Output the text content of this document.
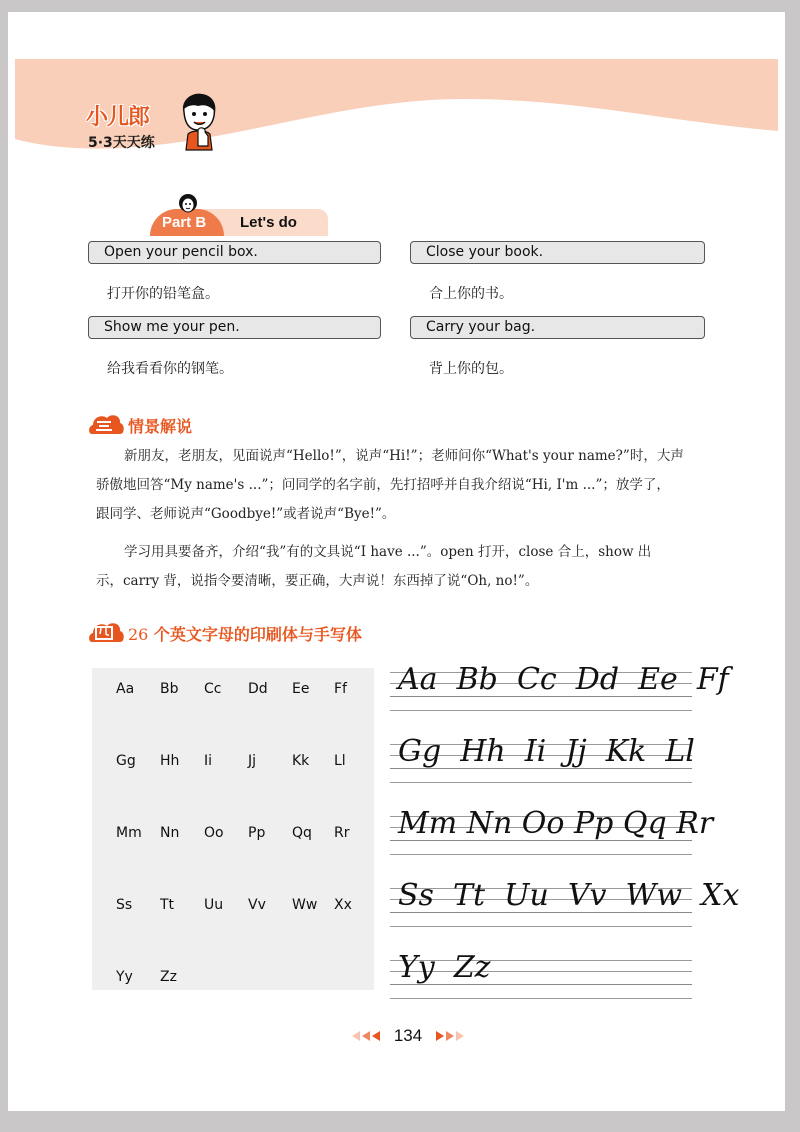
小儿郎
5·3天天练
Part B Let's do
Open your pencil box.
打开你的铅笔盒。
Close your book.
合上你的书。
Show me your pen.
给我看看你的钢笔。
Carry your bag.
背上你的包。
情景解说
新朋友，老朋友，见面说声“Hello!”，说声“Hi!”；老师问你“What's your name?”时，大声
骄傲地回答“My name's ...”；问同学的名字前，先打招呼并自我介绍说“Hi, I'm ...”；放学了，
跟同学、老师说声“Goodbye!”或者说声“Bye!”。
学习用具要备齐，介绍“我”有的文具说“I have ...”。open 打开，close 合上，show 出
示，carry 背，说指令要清晰，要正确，大声说！东西掉了说“Oh, no!”。
26 个英文字母的印刷体与手写体
Aa Bb Cc Dd Ee Ff
Gg Hh Ii	Jj	Kk Ll
Mm Nn Oo Pp Qq Rr
Ss Tt Uu Vv Ww Xx
Yy Zz
Aa  Bb  Cc  Dd  Ee  Ff
Gg  Hh  Ii  Jj  Kk  Ll
Mm Nn Oo Pp Qq Rr
Ss  Tt  Uu  Vv  Ww  Xx
Yy  Zz
134
